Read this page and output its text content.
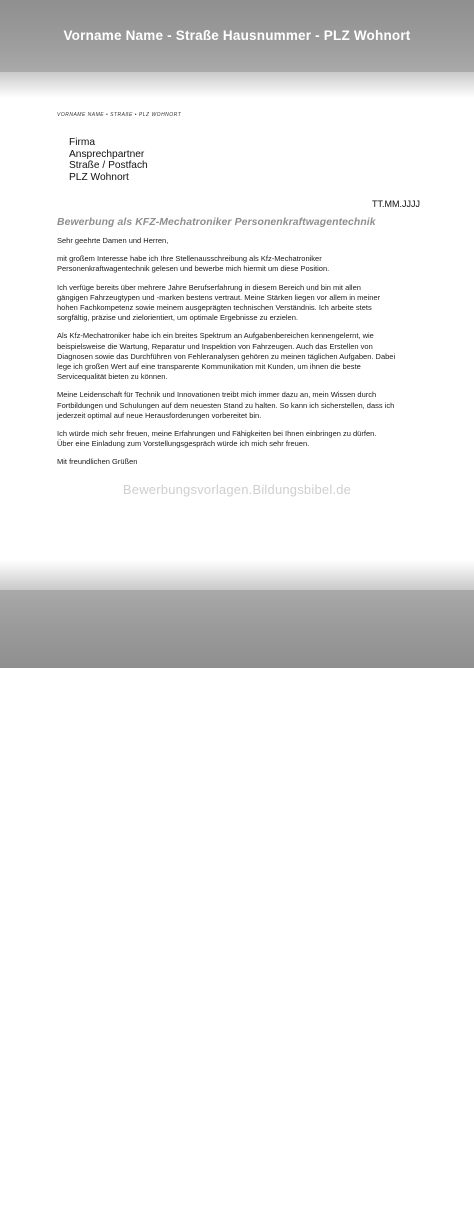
Vorname Name - Straße Hausnummer - PLZ Wohnort
VORNAME NAME • STRAßE • PLZ WOHNORT
Firma
Ansprechpartner
Straße / Postfach
PLZ Wohnort
TT.MM.JJJJ
Bewerbung als KFZ-Mechatroniker Personenkraftwagentechnik

Sehr geehrte Damen und Herren,

mit großem Interesse habe ich Ihre Stellenausschreibung als Kfz-Mechatroniker
Personenkraftwagentechnik gelesen und bewerbe mich hiermit um diese Position.

Ich verfüge bereits über mehrere Jahre Berufserfahrung in diesem Bereich und bin mit allen
gängigen Fahrzeugtypen und -marken bestens vertraut. Meine Stärken liegen vor allem in meiner
hohen Fachkompetenz sowie meinem ausgeprägten technischen Verständnis. Ich arbeite stets
sorgfältig, präzise und zielorientiert, um optimale Ergebnisse zu erzielen.

Als Kfz-Mechatroniker habe ich ein breites Spektrum an Aufgabenbereichen kennengelernt, wie
beispielsweise die Wartung, Reparatur und Inspektion von Fahrzeugen. Auch das Erstellen von
Diagnosen sowie das Durchführen von Fehleranalysen gehören zu meinen täglichen Aufgaben. Dabei
lege ich großen Wert auf eine transparente Kommunikation mit Kunden, um ihnen die beste
Servicequalität bieten zu können.

Meine Leidenschaft für Technik und Innovationen treibt mich immer dazu an, mein Wissen durch
Fortbildungen und Schulungen auf dem neuesten Stand zu halten. So kann ich sicherstellen, dass ich
jederzeit optimal auf neue Herausforderungen vorbereitet bin.

Ich würde mich sehr freuen, meine Erfahrungen und Fähigkeiten bei Ihnen einbringen zu dürfen.
Über eine Einladung zum Vorstellungsgespräch würde ich mich sehr freuen.

Mit freundlichen Grüßen

Bewerbungsvorlagen.Bildungsbibel.de
Tel.: (00000) / 000000 - E-Mail: mail@provider.de
